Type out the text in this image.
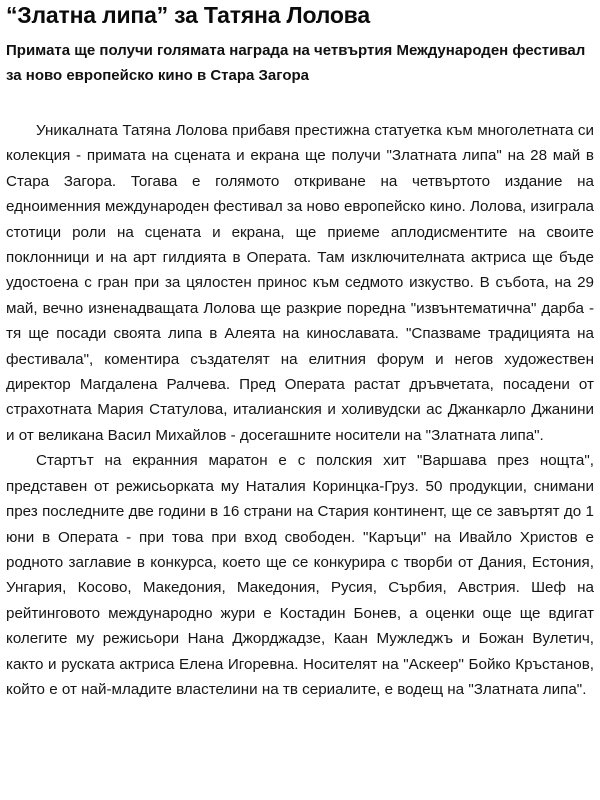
“Златна липа” за Татяна Лолова
Примата ще получи голямата награда на четвъртия Международен фестивал за ново европейско кино в Стара Загора

Уникалната Татяна Лолова прибавя престижна статуетка към многолетната си колекция - примата на сцената и екрана ще получи "Златната липа" на 28 май в Стара Загора. Тогава е голямото откриване на четвъртото издание на едноименния международен фестивал за ново европейско кино. Лолова, изиграла стотици роли на сцената и екрана, ще приеме аплодисментите на своите поклонници и на арт гилдията в Операта. Там изключителната актриса ще бъде удостоена с гран при за цялостен принос към седмото изкуство. В събота, на 29 май, вечно изненадващата Лолова ще разкрие поредна "извънтематична" дарба - тя ще посади своята липа в Алеята на кинославата. "Спазваме традицията на фестивала", коментира създателят на елитния форум и негов художествен директор Магдалена Ралчева. Пред Операта растат дръвчетата, посадени от страхотната Мария Статулова, италианския и холивудски ас Джанкарло Джанини и от великана Васил Михайлов - досегашните носители на "Златната липа".

Стартът на екранния маратон е с полския хит "Варшава през нощта", представен от режисьорката му Наталия Коринцка-Груз. 50 продукции, снимани през последните две години в 16 страни на Стария континент, ще се завъртят до 1 юни в Операта - при това при вход свободен. "Каръци" на Ивайло Христов е родното заглавие в конкурса, което ще се конкурира с творби от Дания, Естония, Унгария, Косово, Македония, Македония, Русия, Сърбия, Австрия. Шеф на рейтинговото международно жури е Костадин Бонев, а оценки още ще вдигат колегите му режисьори Нана Джорджадзе, Каан Мужледжъ и Божан Вулетич, както и руската актриса Елена Игоревна. Носителят на "Аскеер" Бойко Кръстанов, който е от най-младите властелини на тв сериалите, е водещ на "Златната липа".
